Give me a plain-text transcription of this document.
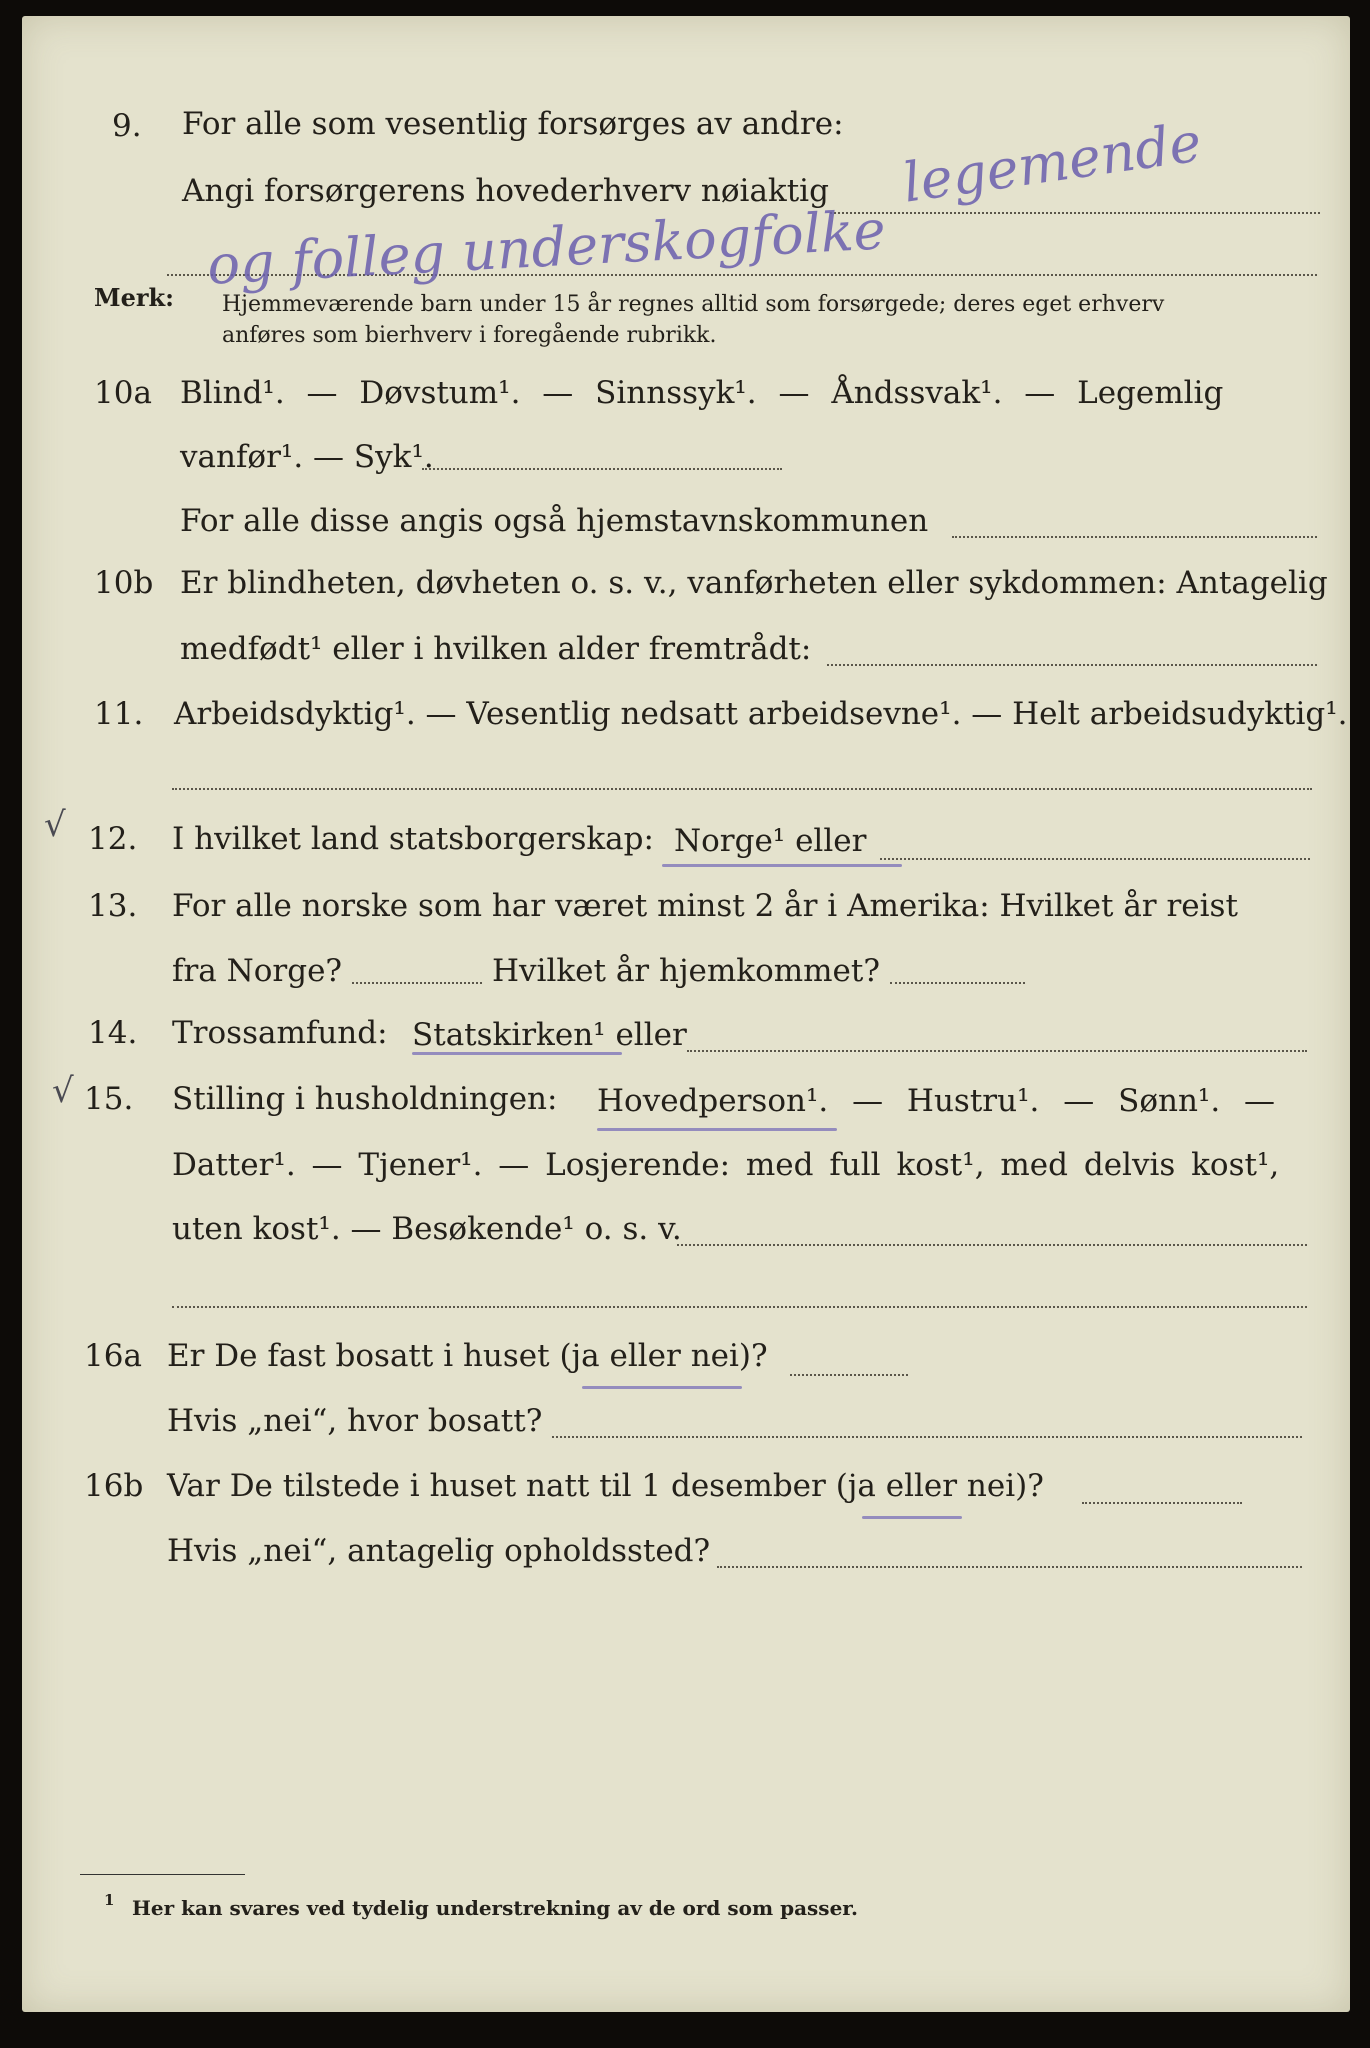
9. For alle som vesentlig forsørges av andre:
Angi forsørgerens hovederhverv nøiaktig legemende
og folleg underskogfolke
Merk: Hjemmeværende barn under 15 år regnes alltid som forsørgede; deres eget erhverv
anføres som bierhverv i foregående rubrikk.
10a Blind¹. — Døvstum¹. — Sinnssyk¹. — Åndssvak¹. — Legemlig
vanfør¹. — Syk¹.
For alle disse angis også hjemstavnskommunen
10b Er blindheten, døvheten o. s. v., vanførheten eller sykdommen: Antagelig
medfødt¹ eller i hvilken alder fremtrådt:
11. Arbeidsdyktig¹. — Vesentlig nedsatt arbeidsevne¹. — Helt arbeidsudyktig¹.
√ 12. I hvilket land statsborgerskap: Norge¹ eller
13. For alle norske som har været minst 2 år i Amerika: Hvilket år reist
fra Norge?	Hvilket år hjemkommet?
14. Trossamfund: Statskirken¹ eller
√ 15. Stilling i husholdningen: Hovedperson¹. — Hustru¹. — Sønn¹. —
Datter¹. — Tjener¹. — Losjerende: med full kost¹, med delvis kost¹,
uten kost¹. — Besøkende¹ o. s. v.
16a Er De fast bosatt i huset (ja eller nei)?
Hvis „nei“, hvor bosatt?
16b Var De tilstede i huset natt til 1 desember (ja eller nei)?
Hvis „nei“, antagelig opholdssted?
1 Her kan svares ved tydelig understrekning av de ord som passer.
